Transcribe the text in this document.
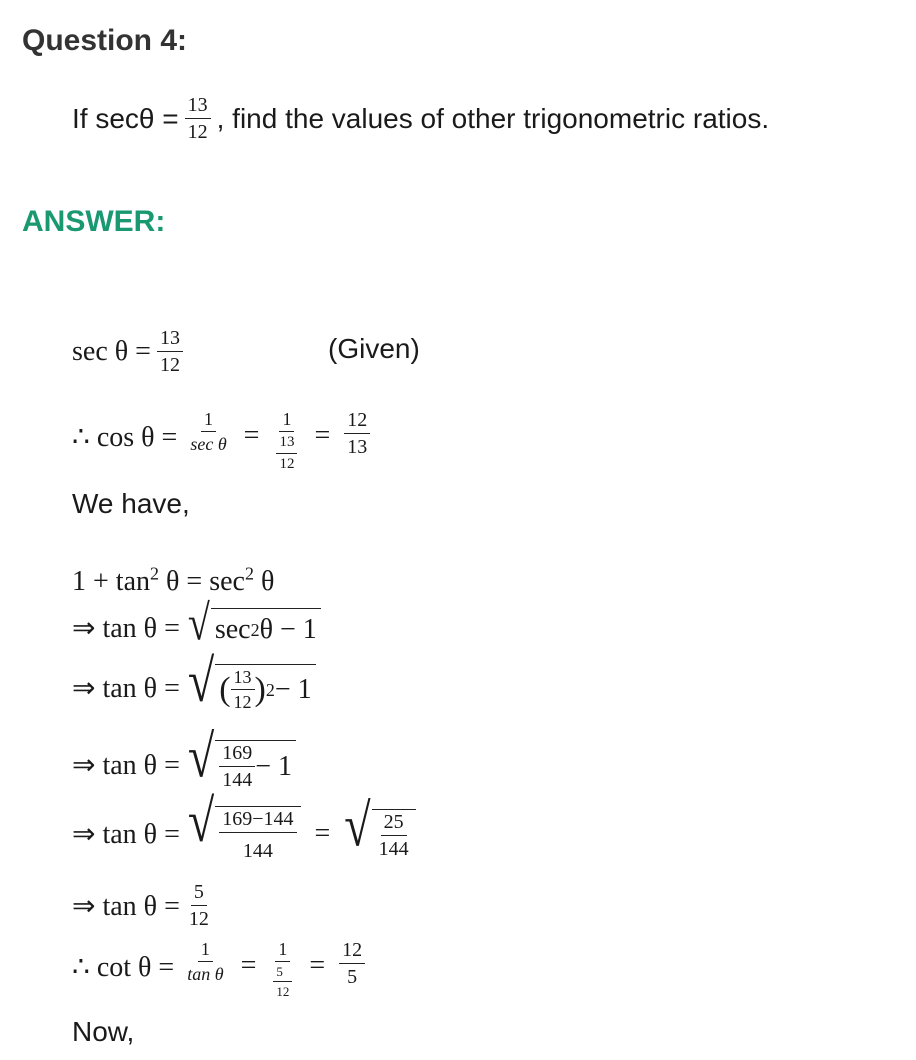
Question 4:
If $\sec\theta = \frac{13}{12}$ , find the values of other trigonometric ratios.
ANSWER:
$\sec \theta = \frac{13}{12}$	(Given)
∴ $\cos \theta = \frac{1}{\text{sec θ}} = \frac{1}{\frac{13}{12}} = \frac{12}{13}$
We have,
$1 + \tan^2 \theta = \sec^2 \theta$
⇒ tan θ = √ sec 2 θ − 1
⇒ tan θ = √ ( $\frac{13}{12}$ ) 2 − 1
⇒ tan θ = √ $\frac{169}{144} - 1$
⇒ tan θ = √ $\frac{169-144}{144}$ = √ $\frac{25}{144}$
⇒ $\tan \theta = \frac{5}{12}$
∴ $\cot \theta = \frac{1}{\text{tan θ}} = \frac{1}{\frac{5}{12}} = \frac{12}{5}$
Now,
